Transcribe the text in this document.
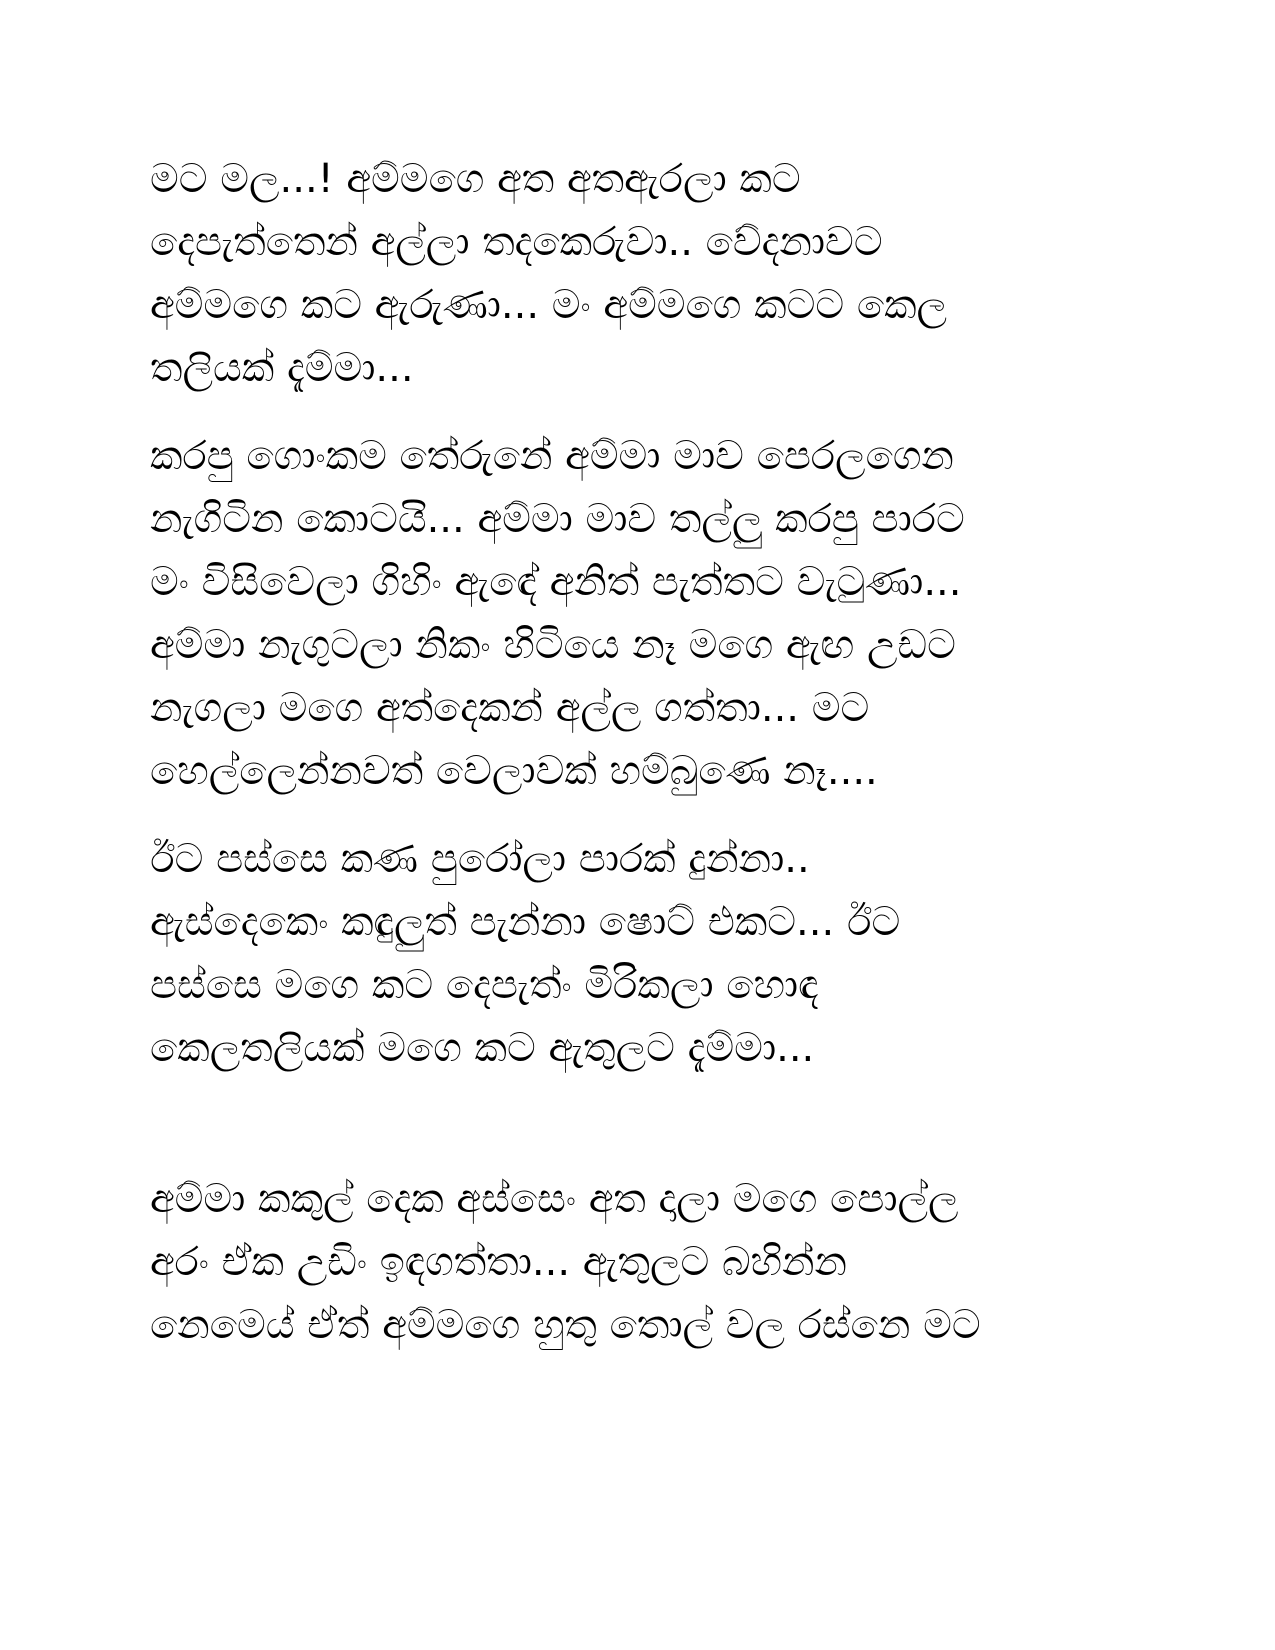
මට මල...! අම්මගෙ අත අතඇරලා කට
දෙපැත්තෙන් අල්ලා තදකෙරුවා.. වේදනාවට
අම්මගෙ කට ඇරුණා... මං අම්මගෙ කටට කෙල
තලියක් දැම්මා...

කරපු ගොංකම තේරුනේ අම්මා මාව පෙරලගෙන
නැගිටින කොටයි... අම්මා මාව තල්ලු කරපු පාරට
මං විසිවෙලා ගිහිං ඇඳේ අනිත් පැත්තට වැටුණා...
අම්මා නැගුටලා නිකං හිටියෙ නෑ මගෙ ඇඟ උඩට
නැගලා මගෙ අත්දෙකන් අල්ල ගත්තා... මට
හෙල්ලෙන්නවත් වෙලාවක් හම්බුණෙ නෑ....

ඊට පස්සෙ කණ පුරෝලා පාරක් දුන්නා..
ඇස්දෙකෙං කඳුලුත් පැන්නා ෂොට් එකට... ඊට
පස්සෙ මගෙ කට දෙපැත්ං මිරිකලා හොඳ
කෙලතලියක් මගෙ කට ඇතුලට දැම්මා...

අම්මා කකුල් දෙක අස්සෙං අත දාලා මගෙ පොල්ල
අරං ඒක උඩිං ඉඳගත්තා... ඇතුලට බහින්න
නෙමෙය් ඒත් අම්මගෙ හුතු තොල් වල රස්නෙ මට
